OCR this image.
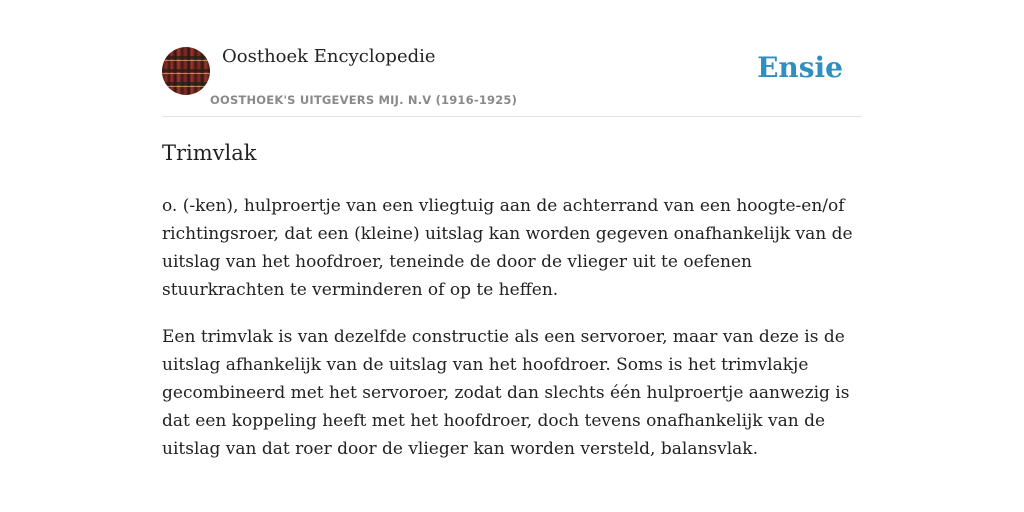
Oosthoek Encyclopedie
OOSTHOEK'S UITGEVERS MIJ. N.V (1916-1925)
Ensie
Trimvlak

o. (-ken), hulproertje van een vliegtuig aan de achterrand van een hoogte-en/of richtingsroer, dat een (kleine) uitslag kan worden gegeven onafhankelijk van de uitslag van het hoofdroer, teneinde de door de vlieger uit te oefenen stuurkrachten te verminderen of op te heffen.

Een trimvlak is van dezelfde constructie als een servoroer, maar van deze is de uitslag afhankelijk van de uitslag van het hoofdroer. Soms is het trimvlakje gecombineerd met het servoroer, zodat dan slechts één hulproertje aanwezig is dat een koppeling heeft met het hoofdroer, doch tevens onafhankelijk van de uitslag van dat roer door de vlieger kan worden versteld, balansvlak.
